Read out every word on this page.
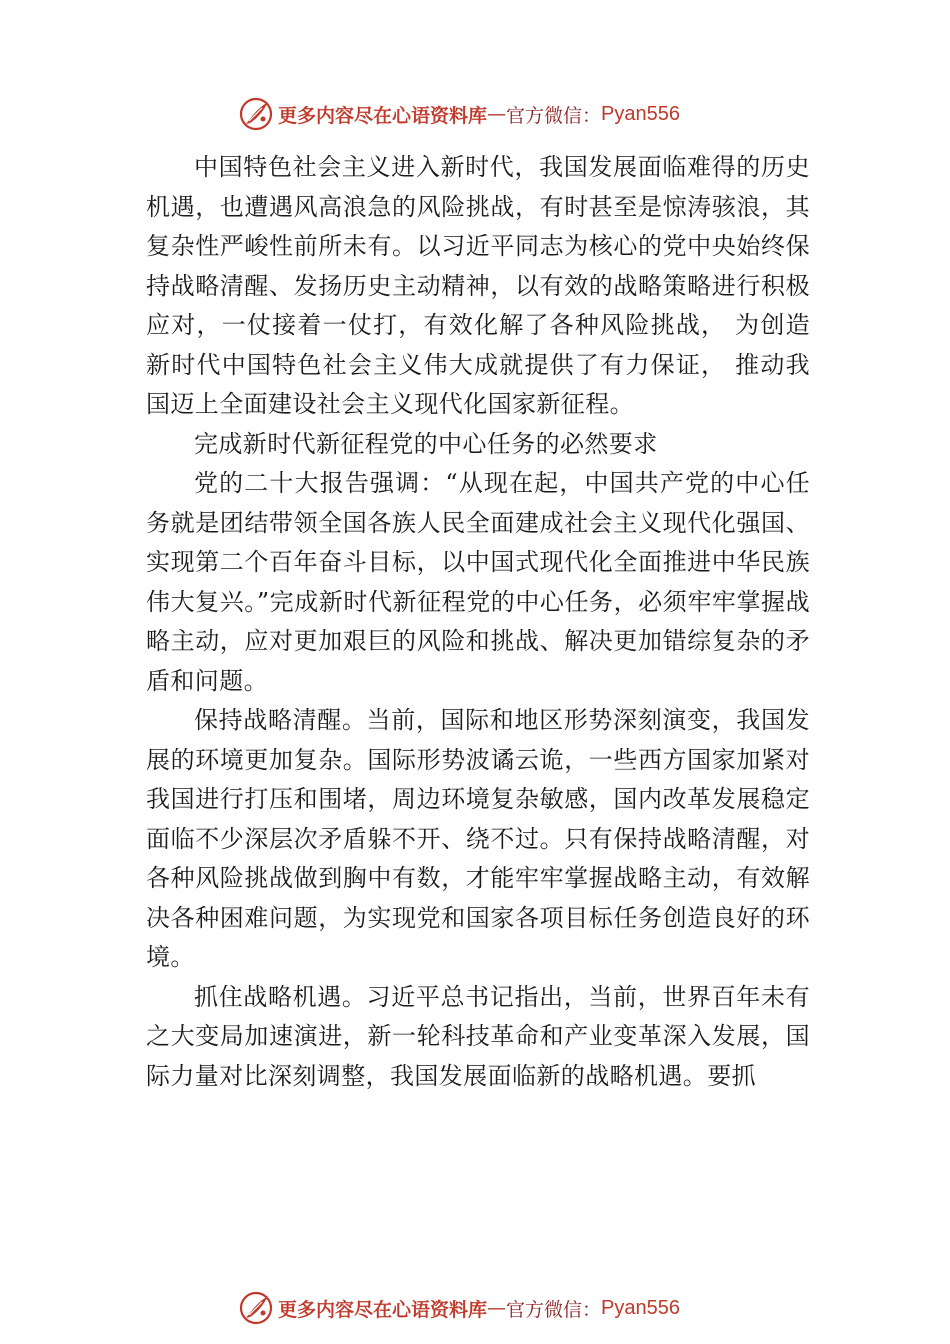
更多内容尽在心语资料库 — 官方微信： Pyan556

中国特色社会主义进入新时代，我国发展面临难得的历史机遇，也遭遇风高浪急的风险挑战，有时甚至是惊涛骇浪，其复杂性严峻性前所未有。以习近平同志为核心的党中央始终保持战略清醒、发扬历史主动精神，以有效的战略策略进行积极应对，一仗接着一仗打，有效化解了各种风险挑战， 为创造新时代中国特色社会主义伟大成就提供了有力保证， 推动我国迈上全面建设社会主义现代化国家新征程。

完成新时代新征程党的中心任务的必然要求

党的二十大报告强调：“从现在起，中国共产党的中心任务就是团结带领全国各族人民全面建成社会主义现代化强国、实现第二个百年奋斗目标，以中国式现代化全面推进中华民族伟大复兴。”完成新时代新征程党的中心任务，必须牢牢掌握战略主动，应对更加艰巨的风险和挑战、解决更加错综复杂的矛盾和问题。

保持战略清醒。当前，国际和地区形势深刻演变，我国发展的环境更加复杂。国际形势波谲云诡，一些西方国家加紧对我国进行打压和围堵，周边环境复杂敏感，国内改革发展稳定面临不少深层次矛盾躲不开、绕不过。只有保持战略清醒，对各种风险挑战做到胸中有数，才能牢牢掌握战略主动，有效解决各种困难问题，为实现党和国家各项目标任务创造良好的环境。

抓住战略机遇。习近平总书记指出，当前，世界百年未有之大变局加速演进，新一轮科技革命和产业变革深入发展，国际力量对比深刻调整，我国发展面临新的战略机遇。要抓

更多内容尽在心语资料库 — 官方微信： Pyan556
